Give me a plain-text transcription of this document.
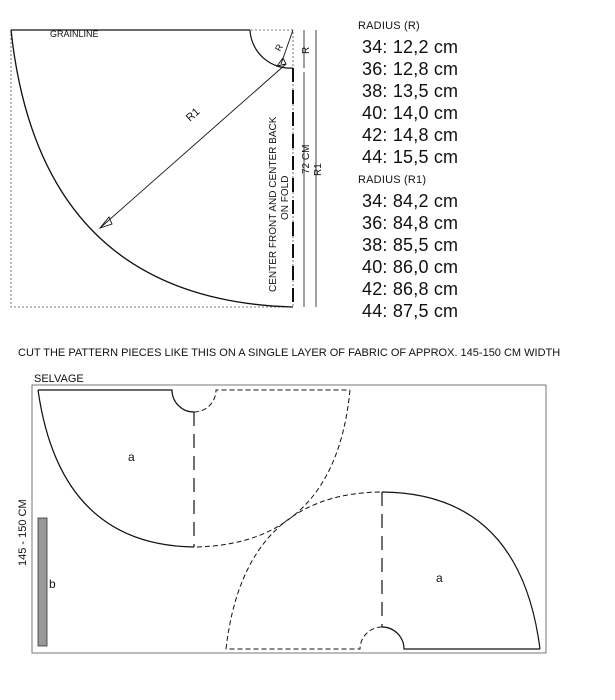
GRAINLINE
R1
R
CENTER FRONT AND CENTER BACK ON FOLD
72 CM
R
R1
a
a
b
145 - 150 CM
RADIUS (R)
34: 12,2 cm
36: 12,8 cm
38: 13,5 cm
40: 14,0 cm
42: 14,8 cm
44: 15,5 cm
RADIUS (R1)
34: 84,2 cm
36: 84,8 cm
38: 85,5 cm
40: 86,0 cm
42: 86,8 cm
44: 87,5 cm
CUT THE PATTERN PIECES LIKE THIS ON A SINGLE LAYER OF FABRIC OF APPROX. 145-150 CM WIDTH
SELVAGE
